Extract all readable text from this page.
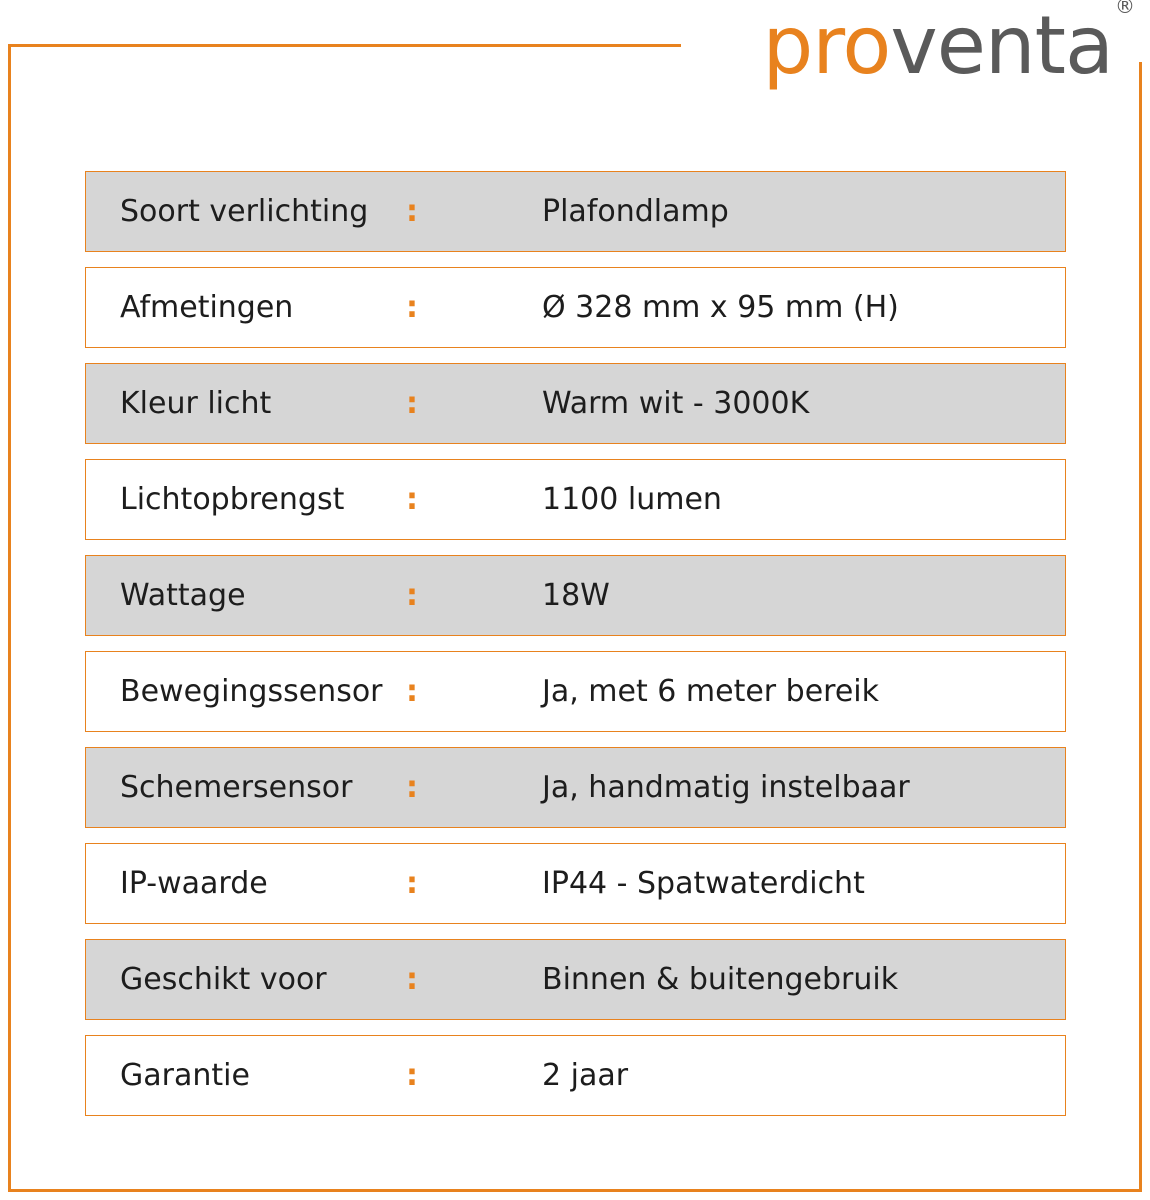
proventa ®
Soort verlichting	:	Plafondlamp
Afmetingen	:	Ø 328 mm x 95 mm (H)
Kleur licht	:	Warm wit - 3000K
Lichtopbrengst	:	1100 lumen
Wattage	:	18W
Bewegingssensor :	Ja, met 6 meter bereik
Schemersensor	:	Ja, handmatig instelbaar
IP-waarde	:	IP44 - Spatwaterdicht
Geschikt voor	:	Binnen & buitengebruik
Garantie	:	2 jaar
